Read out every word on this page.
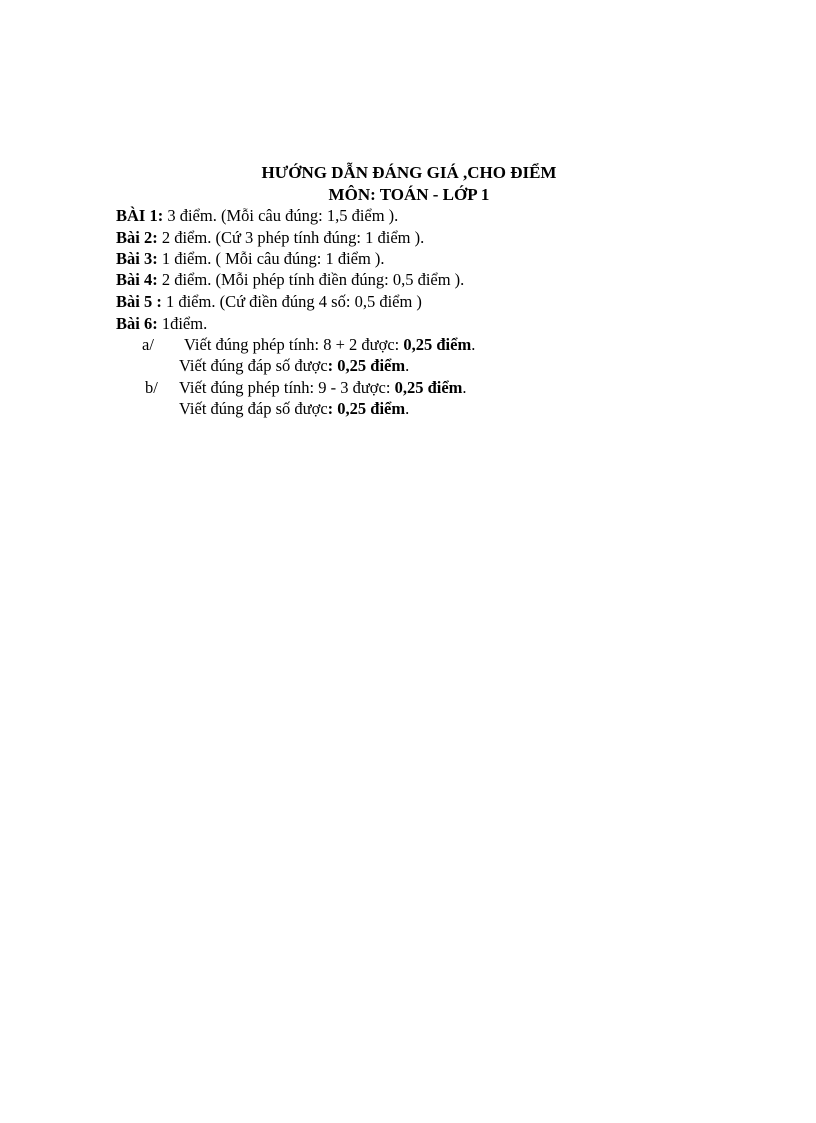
HƯỚNG DẪN ĐÁNG GIÁ ,CHO ĐIỂM
MÔN: TOÁN - LỚP 1
BÀI 1: 3 điểm. (Mỗi câu đúng: 1,5 điểm ).
Bài 2: 2 điểm. (Cứ 3 phép tính đúng: 1 điểm ).
Bài 3: 1 điểm. ( Mỗi câu đúng: 1 điểm ).
Bài 4: 2 điểm. (Mỗi phép tính điền đúng: 0,5 điểm ).
Bài 5 : 1 điểm. (Cứ điền đúng 4 số: 0,5 điểm )
Bài 6: 1điểm.
a/ Viết đúng phép tính: 8 + 2 được: 0,25 điểm.
Viết đúng đáp số được: 0,25 điểm.
b/ Viết đúng phép tính: 9 - 3 được: 0,25 điểm.
Viết đúng đáp số được: 0,25 điểm.
